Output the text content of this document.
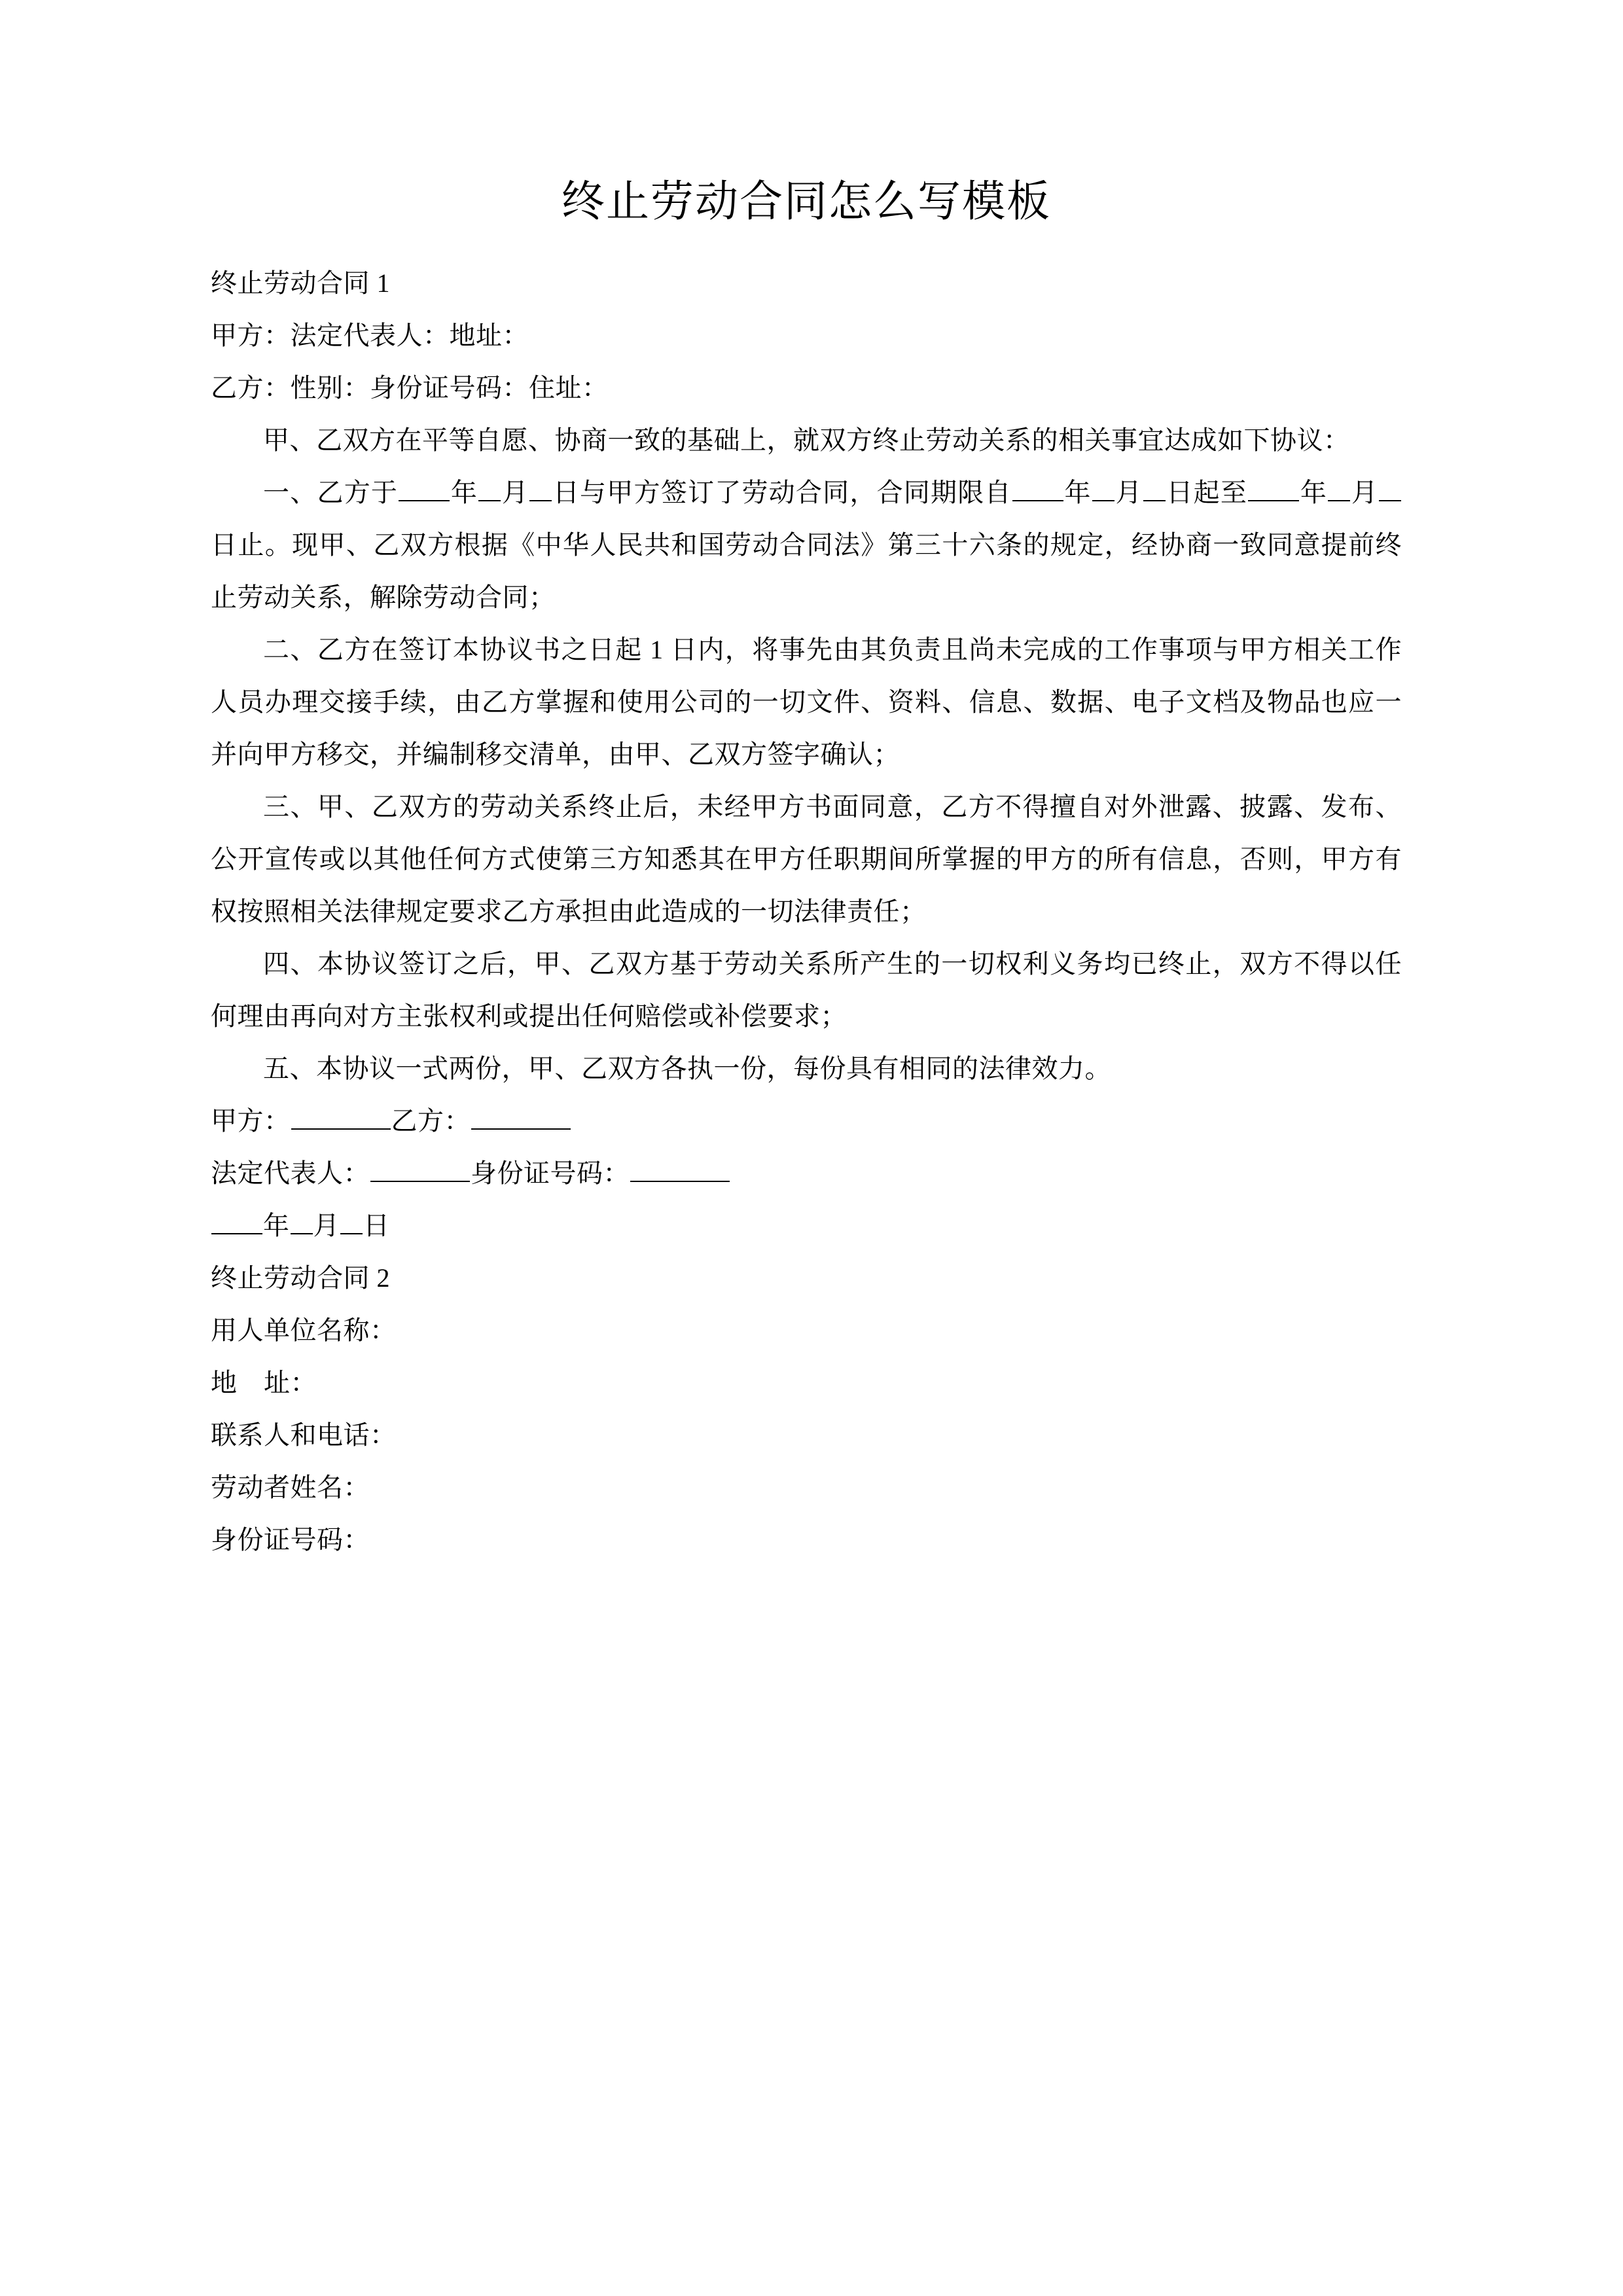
终止劳动合同怎么写模板

终止劳动合同 1

甲方：法定代表人：地址：

乙方：性别：身份证号码：住址：

甲、乙双方在平等自愿、协商一致的基础上，就双方终止劳动关系的相关事宜达成如下协议：

一、乙方于 年 月 日与甲方签订了劳动合同，合同期限自 年 月 日起至 年 月日止。现甲、乙双方根据《中华人民共和国劳动合同法》第三十六条的规定，经协商一致同意提前终止劳动关系，解除劳动合同；

二、乙方在签订本协议书之日起 1 日内，将事先由其负责且尚未完成的工作事项与甲方相关工作人员办理交接手续，由乙方掌握和使用公司的一切文件、资料、信息、数据、电子文档及物品也应一并向甲方移交，并编制移交清单，由甲、乙双方签字确认；

三、甲、乙双方的劳动关系终止后，未经甲方书面同意，乙方不得擅自对外泄露、披露、发布、公开宣传或以其他任何方式使第三方知悉其在甲方任职期间所掌握的甲方的所有信息，否则，甲方有权按照相关法律规定要求乙方承担由此造成的一切法律责任；

四、本协议签订之后，甲、乙双方基于劳动关系所产生的一切权利义务均已终止，双方不得以任何理由再向对方主张权利或提出任何赔偿或补偿要求；

五、本协议一式两份，甲、乙双方各执一份，每份具有相同的法律效力。

甲方：	乙方：

法定代表人：	身份证号码：

年 月 日

终止劳动合同 2

用人单位名称：

地　址：

联系人和电话：

劳动者姓名：

身份证号码：
